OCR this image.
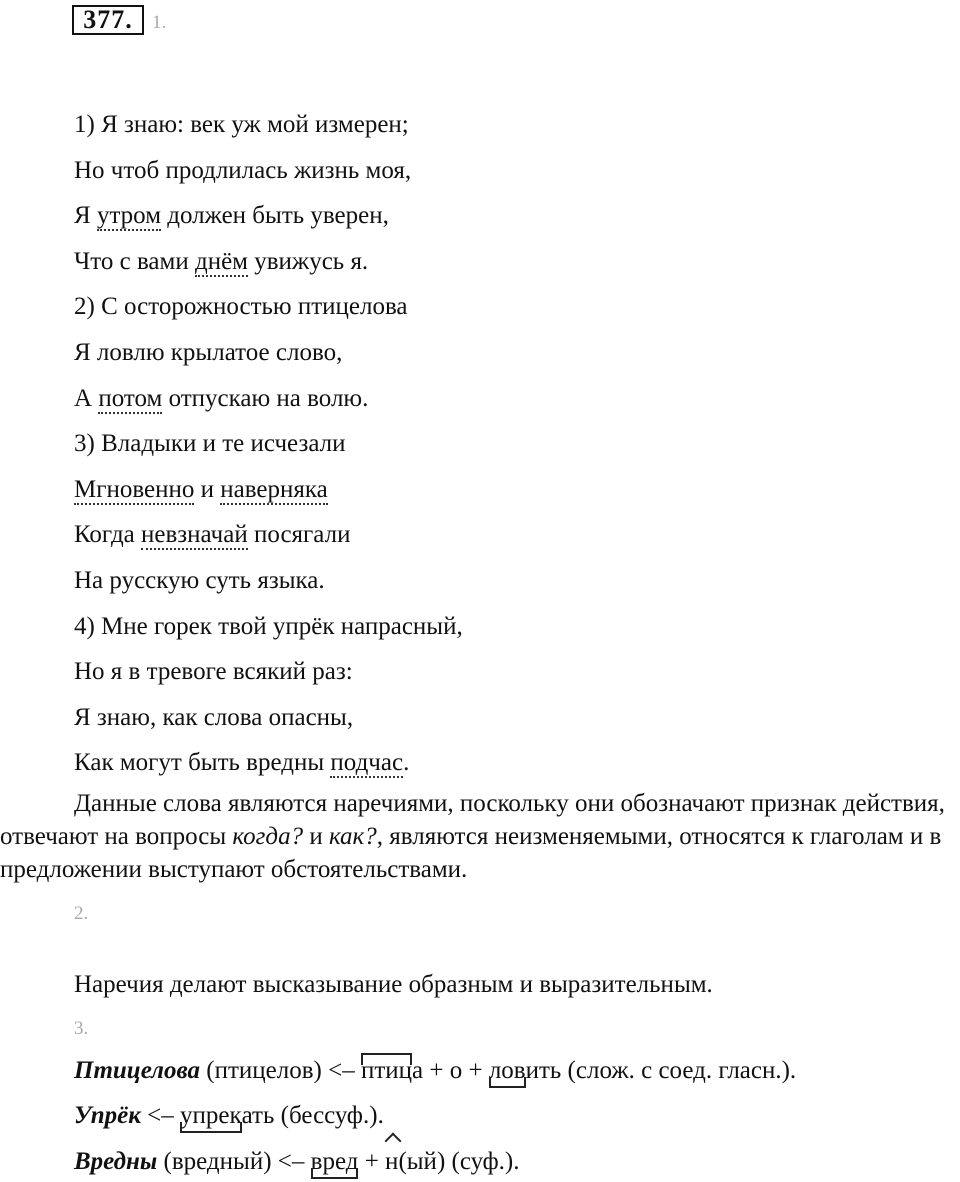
377.	1.
1) Я знаю: век уж мой измерен;
Но чтоб продлилась жизнь моя,
Я утром должен быть уверен,
Что с вами днём увижусь я.
2) С осторожностью птицелова
Я ловлю крылатое слово,
А потом отпускаю на волю.
3) Владыки и те исчезали
Мгновенно и наверняка
Когда невзначай посягали
На русскую суть языка.
4) Мне горек твой упрёк напрасный,
Но я в тревоге всякий раз:
Я знаю, как слова опасны,
Как могут быть вредны подчас.
Данные слова являются наречиями, поскольку они обозначают признак действия, отвечают на вопросы когда? и как?, являются неизменяемыми, относятся к глаголам и в предложении выступают обстоятельствами.
2.
Наречия делают высказывание образным и выразительным.
3.
Птицелова (птицелов) <– птица + о + ловить (слож. с соед. гласн.).
Упрёк <– упрекать (бессуф.).
Вредны (вредный) <– вред + н(ый) (суф.).
